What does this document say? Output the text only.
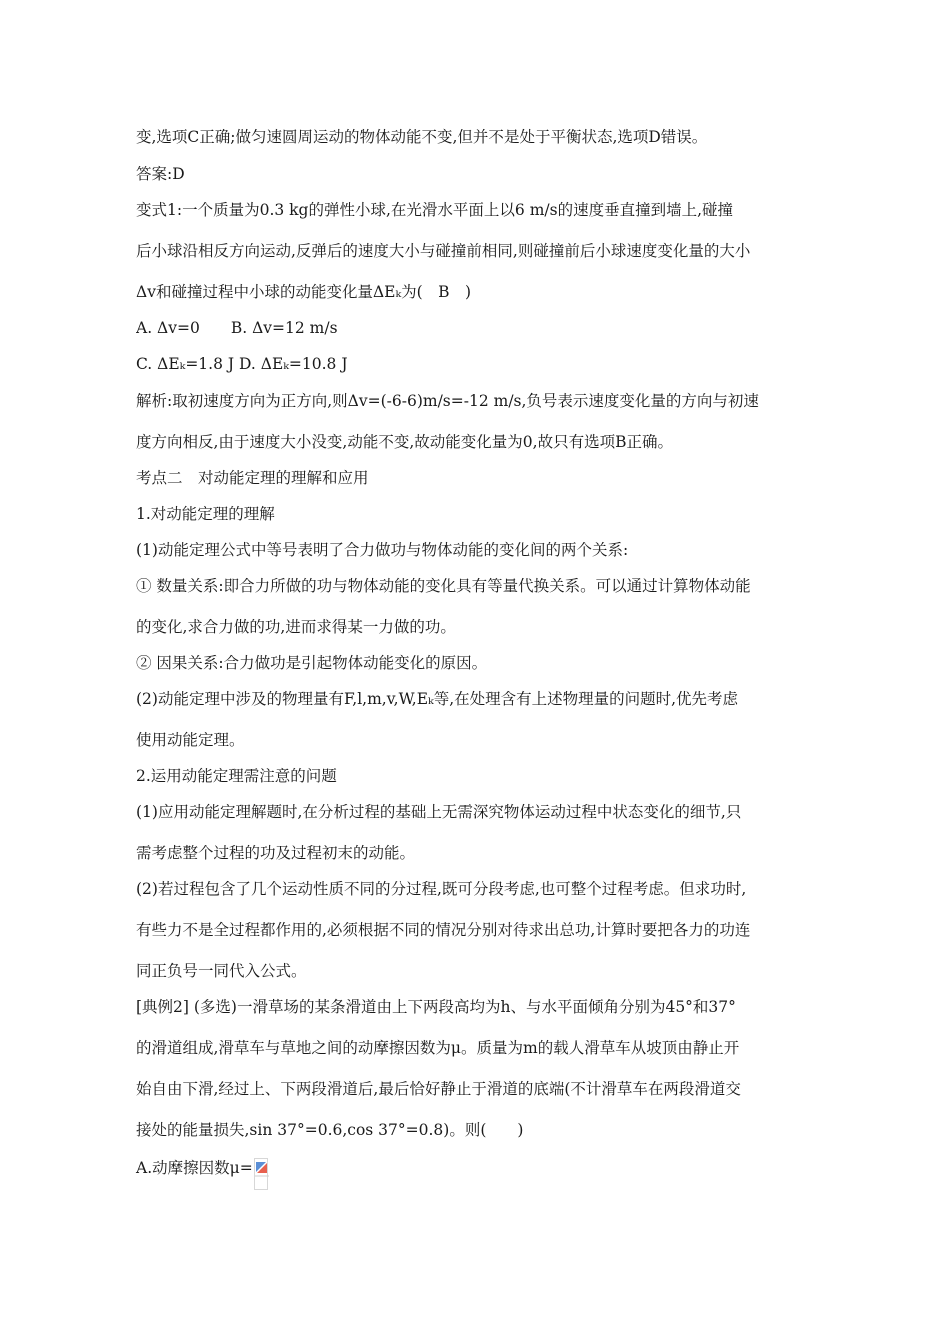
变,选项C正确;做匀速圆周运动的物体动能不变,但并不是处于平衡状态,选项D错误。
答案:D
变式1:一个质量为0.3 kg的弹性小球,在光滑水平面上以6 m/s的速度垂直撞到墙上,碰撞
后小球沿相反方向运动,反弹后的速度大小与碰撞前相同,则碰撞前后小球速度变化量的大小
Δv和碰撞过程中小球的动能变化量ΔEₖ为(　B　)
A. Δv=0　　B. Δv=12 m/s
C. ΔEₖ=1.8 J D. ΔEₖ=10.8 J
解析:取初速度方向为正方向,则Δv=(-6-6)m/s=-12 m/s,负号表示速度变化量的方向与初速
度方向相反,由于速度大小没变,动能不变,故动能变化量为0,故只有选项B正确。
考点二　对动能定理的理解和应用
1.对动能定理的理解
(1)动能定理公式中等号表明了合力做功与物体动能的变化间的两个关系:
① 数量关系:即合力所做的功与物体动能的变化具有等量代换关系。可以通过计算物体动能
的变化,求合力做的功,进而求得某一力做的功。
② 因果关系:合力做功是引起物体动能变化的原因。
(2)动能定理中涉及的物理量有F,l,m,v,W,Eₖ等,在处理含有上述物理量的问题时,优先考虑
使用动能定理。
2.运用动能定理需注意的问题
(1)应用动能定理解题时,在分析过程的基础上无需深究物体运动过程中状态变化的细节,只
需考虑整个过程的功及过程初末的动能。
(2)若过程包含了几个运动性质不同的分过程,既可分段考虑,也可整个过程考虑。但求功时,
有些力不是全过程都作用的,必须根据不同的情况分别对待求出总功,计算时要把各力的功连
同正负号一同代入公式。
[典例2] (多选)一滑草场的某条滑道由上下两段高均为h、与水平面倾角分别为45°和37°
的滑道组成,滑草车与草地之间的动摩擦因数为μ。质量为m的载人滑草车从坡顶由静止开
始自由下滑,经过上、下两段滑道后,最后恰好静止于滑道的底端(不计滑草车在两段滑道交
接处的能量损失,sin 37°=0.6,cos 37°=0.8)。则(　　)
A.动摩擦因数μ=
